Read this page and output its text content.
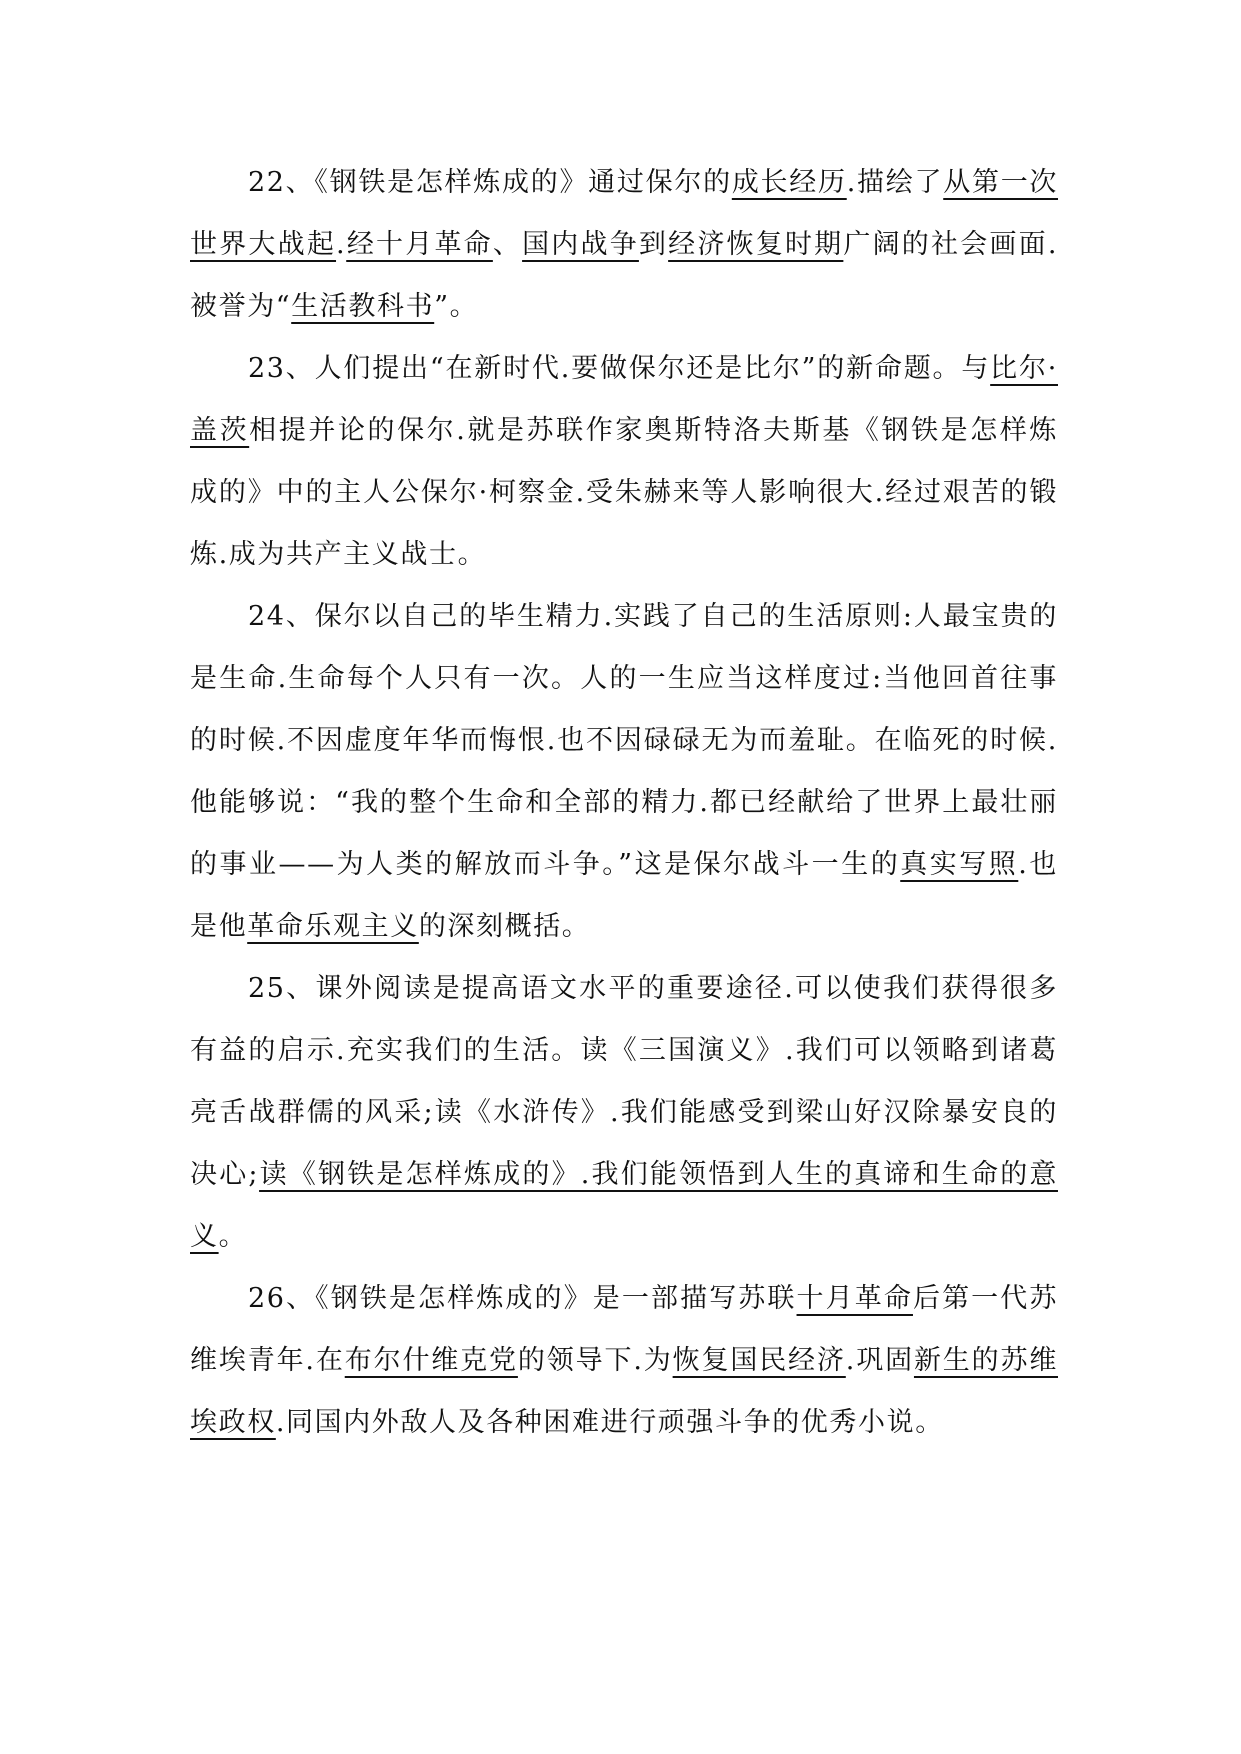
22、《钢铁是怎样炼成的》通过保尔的成长经历.描绘了从第一次世界大战起.经十月革命、国内战争到经济恢复时期广阔的社会画面.被誉为“生活教科书”。

23、人们提出“在新时代.要做保尔还是比尔”的新命题。与比尔·盖茨相提并论的保尔.就是苏联作家奥斯特洛夫斯基《钢铁是怎样炼成的》中的主人公保尔·柯察金.受朱赫来等人影响很大.经过艰苦的锻炼.成为共产主义战士。

24、保尔以自己的毕生精力.实践了自己的生活原则:人最宝贵的是生命.生命每个人只有一次。人的一生应当这样度过:当他回首往事的时候.不因虚度年华而悔恨.也不因碌碌无为而羞耻。在临死的时候.他能够说：“我的整个生命和全部的精力.都已经献给了世界上最壮丽的事业——为人类的解放而斗争。”这是保尔战斗一生的真实写照.也是他革命乐观主义的深刻概括。

25、课外阅读是提高语文水平的重要途径.可以使我们获得很多有益的启示.充实我们的生活。读《三国演义》.我们可以领略到诸葛亮舌战群儒的风采;读《水浒传》.我们能感受到梁山好汉除暴安良的决心;读《钢铁是怎样炼成的》.我们能领悟到人生的真谛和生命的意义。

26、《钢铁是怎样炼成的》是一部描写苏联十月革命后第一代苏维埃青年.在布尔什维克党的领导下.为恢复国民经济.巩固新生的苏维埃政权.同国内外敌人及各种困难进行顽强斗争的优秀小说。
